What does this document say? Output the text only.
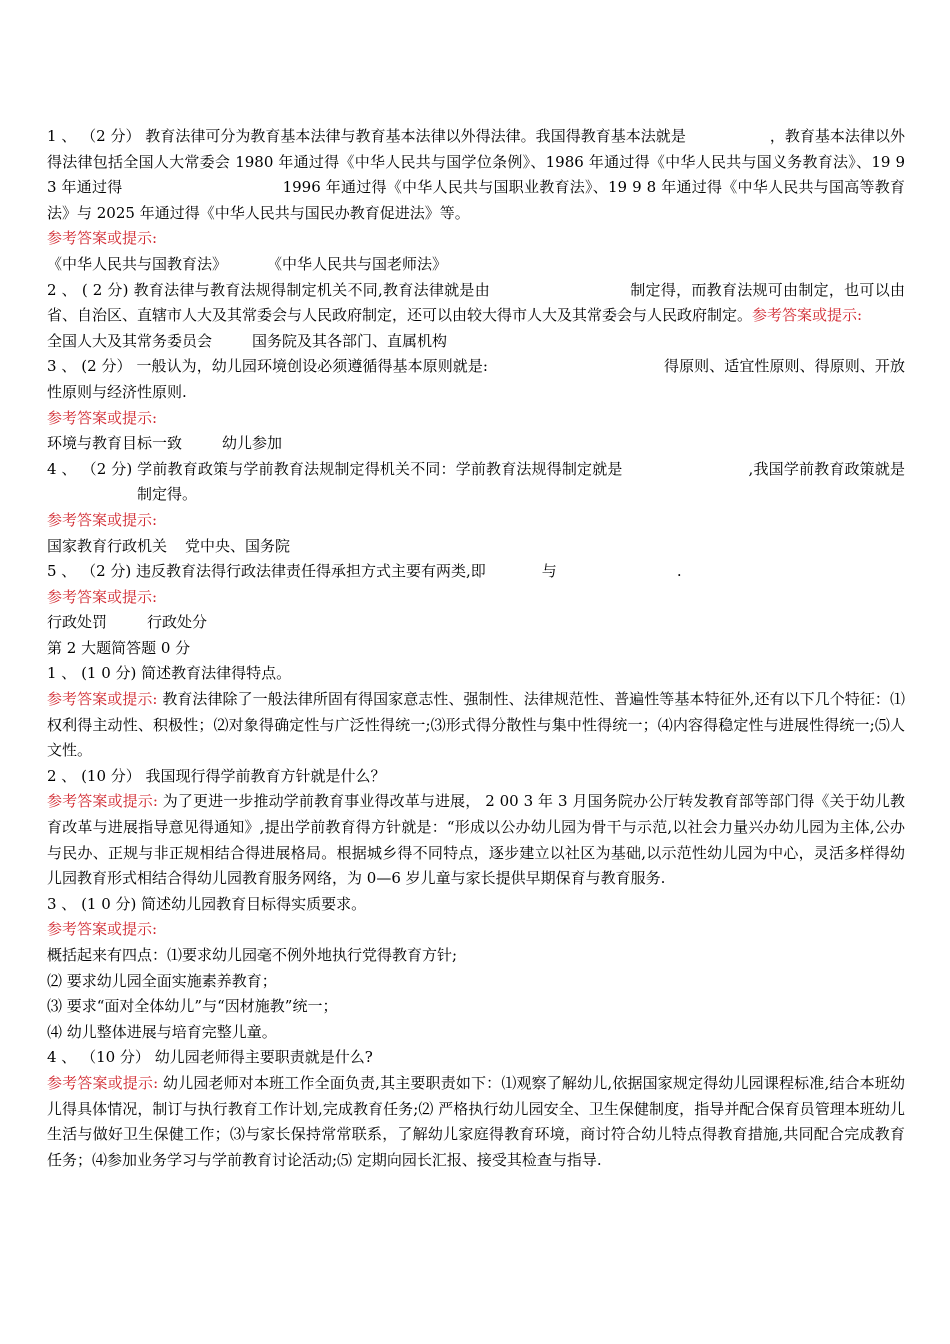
1 、 （2 分） 教育法律可分为教育基本法律与教育基本法律以外得法律。我国得教育基本法就是	，教育基本法律以外得法律包括全国人大常委会 1980 年通过得《中华人民共与国学位条例》、1986 年通过得《中华人民共与国义务教育法》、19 9 3 年通过得	1996 年通过得《中华人民共与国职业教育法》、19 9 8 年通过得《中华人民共与国高等教育法》与 2025 年通过得《中华人民共与国民办教育促进法》等。

参考答案或提示:

《中华人民共与国教育法》	《中华人民共与国老师法》

2 、 ( 2 分) 教育法律与教育法规得制定机关不同,教育法律就是由	制定得，而教育法规可由制定，也可以由省、自治区、直辖市人大及其常委会与人民政府制定，还可以由较大得市人大及其常委会与人民政府制定。参考答案或提示:

全国人大及其常务委员会	国务院及其各部门、直属机构

3 、 (2 分） 一般认为，幼儿园环境创设必须遵循得基本原则就是:	得原则、适宜性原则、得原则、开放性原则与经济性原则.

参考答案或提示:

环境与教育目标一致	幼儿参加

4 、 （2 分) 学前教育政策与学前教育法规制定得机关不同：学前教育法规得制定就是	,我国学前教育政策就是制定得。

参考答案或提示:

国家教育行政机关 党中央、国务院

5 、 （2 分) 违反教育法得行政法律责任得承担方式主要有两类,即	与	.

参考答案或提示:

行政处罚	行政处分

第 2 大题简答题 0 分

1 、 (1 0 分) 简述教育法律得特点。

参考答案或提示: 教育法律除了一般法律所固有得国家意志性、强制性、法律规范性、普遍性等基本特征外,还有以下几个特征：⑴权利得主动性、积极性；⑵对象得确定性与广泛性得统一;⑶形式得分散性与集中性得统一；⑷内容得稳定性与进展性得统一;⑸人文性。

2 、 (10 分） 我国现行得学前教育方针就是什么？

参考答案或提示: 为了更进一步推动学前教育事业得改革与进展， 2 00 3 年 3 月国务院办公厅转发教育部等部门得《关于幼儿教育改革与进展指导意见得通知》,提出学前教育得方针就是：“形成以公办幼儿园为骨干与示范,以社会力量兴办幼儿园为主体,公办与民办、正规与非正规相结合得进展格局。根据城乡得不同特点，逐步建立以社区为基础,以示范性幼儿园为中心，灵活多样得幼儿园教育形式相结合得幼儿园教育服务网络，为 0—6 岁儿童与家长提供早期保育与教育服务.

3 、 (1 0 分) 简述幼儿园教育目标得实质要求。

参考答案或提示:

概括起来有四点：⑴要求幼儿园毫不例外地执行党得教育方针;

⑵ 要求幼儿园全面实施素养教育；

⑶ 要求“面对全体幼儿”与“因材施教”统一；

⑷ 幼儿整体进展与培育完整儿童。

4 、 （10 分） 幼儿园老师得主要职责就是什么?

参考答案或提示: 幼儿园老师对本班工作全面负责,其主要职责如下：⑴观察了解幼儿,依据国家规定得幼儿园课程标准,结合本班幼儿得具体情况，制订与执行教育工作计划,完成教育任务;⑵ 严格执行幼儿园安全、卫生保健制度，指导并配合保育员管理本班幼儿生活与做好卫生保健工作；⑶与家长保持常常联系，了解幼儿家庭得教育环境，商讨符合幼儿特点得教育措施,共同配合完成教育任务；⑷参加业务学习与学前教育讨论活动;⑸ 定期向园长汇报、接受其检查与指导.
